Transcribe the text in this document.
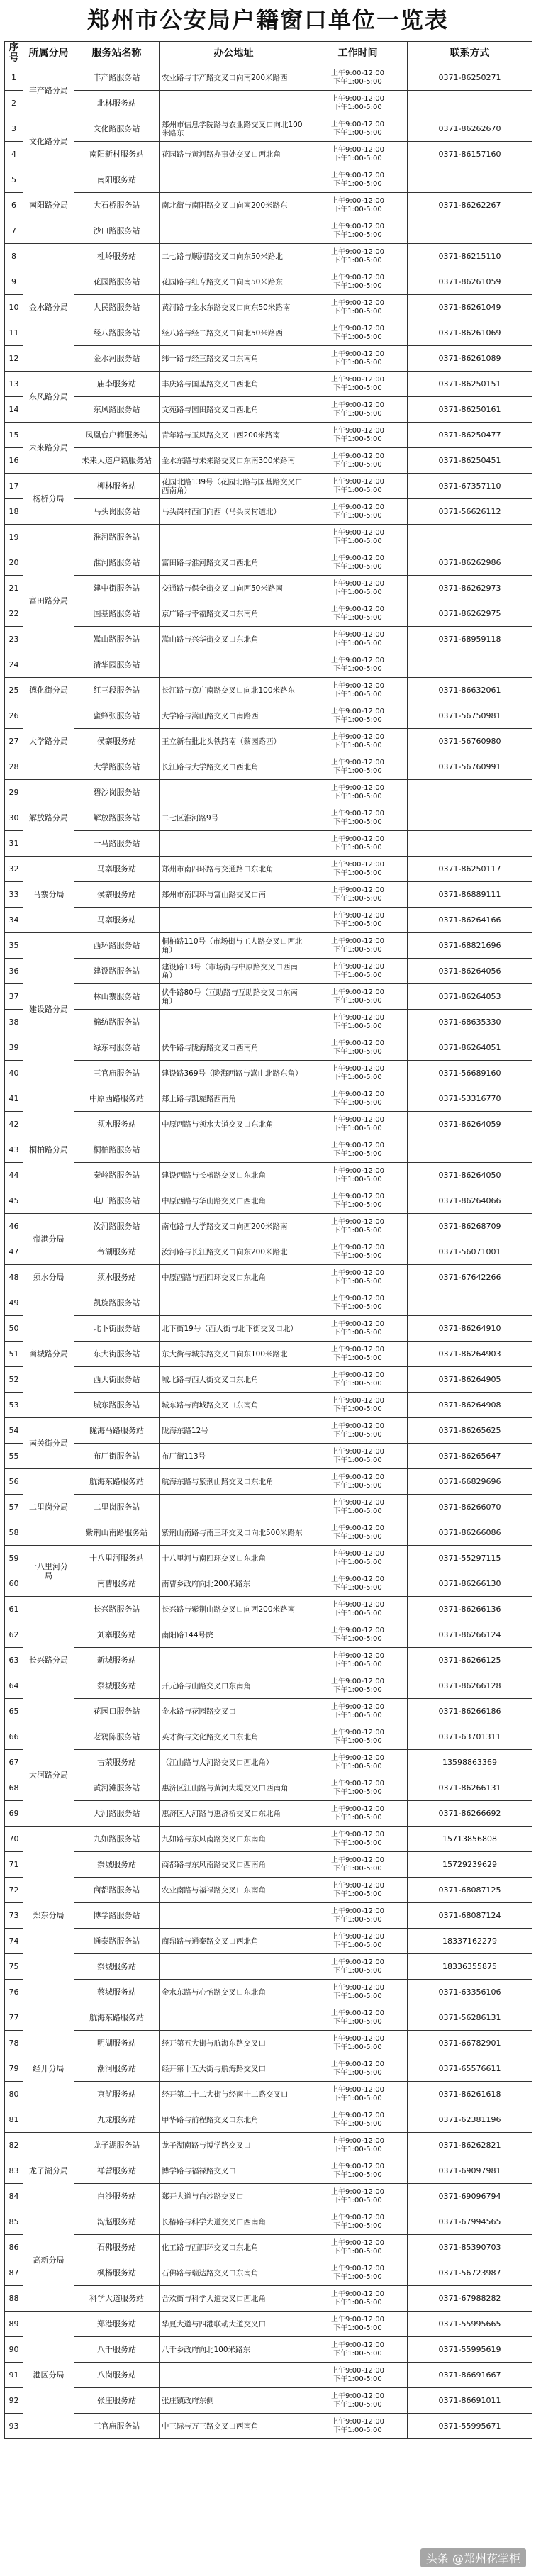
郑州市公安局户籍窗口单位一览表
序号	所属分局	服务站名称	办公地址	工作时间	联系方式
1	丰产路分局	丰产路服务站	农业路与丰产路交叉口向南200米路西	上午9:00-12:00
下午1:00-5:00	0371-86250271
2		北林服务站		上午9:00-12:00
下午1:00-5:00	
3	文化路分局	文化路服务站	郑州市信息学院路与农业路交叉口向北100米路东	上午9:00-12:00
下午1:00-5:00	0371-86262670
4		南阳新村服务站	花园路与黄河路办事处交叉口西北角	上午9:00-12:00
下午1:00-5:00	0371-86157160
5	南阳路分局	南阳服务站		上午9:00-12:00
下午1:00-5:00	
6		大石桥服务站	南北街与南阳路交叉口向南200米路东	上午9:00-12:00
下午1:00-5:00	0371-86262267
7		沙口路服务站		上午9:00-12:00
下午1:00-5:00	
8	金水路分局	杜岭服务站	二七路与顺河路交叉口向东50米路北	上午9:00-12:00
下午1:00-5:00	0371-86215110
9		花园路服务站	花园路与红专路交叉口向南50米路东	上午9:00-12:00
下午1:00-5:00	0371-86261059
10		人民路服务站	黄河路与金水东路交叉口向东50米路南	上午9:00-12:00
下午1:00-5:00	0371-86261049
11		经八路服务站	经八路与经二路交叉口向北50米路西	上午9:00-12:00
下午1:00-5:00	0371-86261069
12		金水河服务站	纬一路与经三路交叉口东南角	上午9:00-12:00
下午1:00-5:00	0371-86261089
13	东风路分局	庙李服务站	丰庆路与国基路交叉口西北角	上午9:00-12:00
下午1:00-5:00	0371-86250151
14		东风路服务站	文苑路与园田路交叉口西北角	上午9:00-12:00
下午1:00-5:00	0371-86250161
15	未来路分局	凤凰台户籍服务站	青年路与玉凤路交叉口西200米路南	上午9:00-12:00
下午1:00-5:00	0371-86250477
16		未来大道户籍服务站	金水东路与未来路交叉口东南300米路南	上午9:00-12:00
下午1:00-5:00	0371-86250451
17	杨桥分局	柳林服务站	花园北路139号（花园北路与国基路交叉口西南角）	上午9:00-12:00
下午1:00-5:00	0371-67357110
18		马头岗服务站	马头岗村西门向西（马头岗村道北）	上午9:00-12:00
下午1:00-5:00	0371-56626112
19	富田路分局	淮河路服务站		上午9:00-12:00
下午1:00-5:00	
20		淮河路服务站	富田路与淮河路交叉口西北角	上午9:00-12:00
下午1:00-5:00	0371-86262986
21		建中街服务站	交通路与保全街交叉口向西50米路南	上午9:00-12:00
下午1:00-5:00	0371-86262973
22		国基路服务站	京广路与幸福路交叉口东南角	上午9:00-12:00
下午1:00-5:00	0371-86262975
23		嵩山路服务站	嵩山路与兴华街交叉口东北角	上午9:00-12:00
下午1:00-5:00	0371-68959118
24		清华园服务站		上午9:00-12:00
下午1:00-5:00	
25	德化街分局	红三段服务站	长江路与京广南路交叉口向北100米路东	上午9:00-12:00
下午1:00-5:00	0371-86632061
26	大学路分局	蜜蜂张服务站	大学路与嵩山路交叉口南路西	上午9:00-12:00
下午1:00-5:00	0371-56750981
27		侯寨服务站	王立新右批北头铁路南（蔡园路西）	上午9:00-12:00
下午1:00-5:00	0371-56760980
28		大学路服务站	长江路与大学路交叉口西北角	上午9:00-12:00
下午1:00-5:00	0371-56760991
29	解放路分局	碧沙岗服务站		上午9:00-12:00
下午1:00-5:00	
30		解放路服务站	二七区淮河路9号	上午9:00-12:00
下午1:00-5:00	
31		一马路服务站		上午9:00-12:00
下午1:00-5:00	
32	马寨分局	马寨服务站	郑州市南四环路与交通路口东北角	上午9:00-12:00
下午1:00-5:00	0371-86250117
33		侯寨服务站	郑州市南四环与富山路交叉口南	上午9:00-12:00
下午1:00-5:00	0371-86889111
34		马寨服务站		上午9:00-12:00
下午1:00-5:00	0371-86264166
35	建设路分局	西环路服务站	桐柏路110号（市场街与工人路交叉口西北角）	上午9:00-12:00
下午1:00-5:00	0371-68821696
36		建设路服务站	建设路13号（市场街与中原路交叉口西南角）	上午9:00-12:00
下午1:00-5:00	0371-86264056
37		林山寨服务站	伏牛路80号（互助路与互助路交叉口东南角）	上午9:00-12:00
下午1:00-5:00	0371-86264053
38		棉纺路服务站		上午9:00-12:00
下午1:00-5:00	0371-68635330
39		绿东村服务站	伏牛路与陇海路交叉口西南角	上午9:00-12:00
下午1:00-5:00	0371-86264051
40		三官庙服务站	建设路369号（陇海西路与嵩山北路东角）	上午9:00-12:00
下午1:00-5:00	0371-56689160
41	桐柏路分局	中原西路服务站	郑上路与凯旋路西南角	上午9:00-12:00
下午1:00-5:00	0371-53316770
42		须水服务站	中原西路与须水大道交叉口东北角	上午9:00-12:00
下午1:00-5:00	0371-86264059
43		桐柏路服务站		上午9:00-12:00
下午1:00-5:00	
44		秦岭路服务站	建设西路与长椿路交叉口东北角	上午9:00-12:00
下午1:00-5:00	0371-86264050
45		电厂路服务站	中原西路与华山路交叉口西北角	上午9:00-12:00
下午1:00-5:00	0371-86264066
46	帝港分局	汝河路服务站	南屯路与大学路交叉口向西200米路南	上午9:00-12:00
下午1:00-5:00	0371-86268709
47		帝湖服务站	汝河路与长江路交叉口向东200米路北	上午9:00-12:00
下午1:00-5:00	0371-56071001
48	须水分局	须水服务站	中原西路与西四环交叉口东北角	上午9:00-12:00
下午1:00-5:00	0371-67642266
49	商城路分局	凯旋路服务站		上午9:00-12:00
下午1:00-5:00	
50		北下街服务站	北下街19号（西大街与北下街交叉口北）	上午9:00-12:00
下午1:00-5:00	0371-86264910
51		东大街服务站	东大街与城东路交叉口向东100米路北	上午9:00-12:00
下午1:00-5:00	0371-86264903
52		西大街服务站	城北路与西大街交叉口东北角	上午9:00-12:00
下午1:00-5:00	0371-86264905
53		城东路服务站	城东路与商城路交叉口东南角	上午9:00-12:00
下午1:00-5:00	0371-86264908
54	南关街分局	陇海马路服务站	陇海东路12号	上午9:00-12:00
下午1:00-5:00	0371-86265625
55		布厂街服务站	布厂街113号	上午9:00-12:00
下午1:00-5:00	0371-86265647
56	二里岗分局	航海东路服务站	航海东路与紫荆山路交叉口东北角	上午9:00-12:00
下午1:00-5:00	0371-66829696
57		二里岗服务站		上午9:00-12:00
下午1:00-5:00	0371-86266070
58		紫荆山南路服务站	紫荆山南路与南三环交叉口向北500米路东	上午9:00-12:00
下午1:00-5:00	0371-86266086
59	十八里河分局	十八里河服务站	十八里河与南四环交叉口东北角	上午9:00-12:00
下午1:00-5:00	0371-55297115
60		南曹服务站	南曹乡政府向北200米路东	上午9:00-12:00
下午1:00-5:00	0371-86266130
61	长兴路分局	长兴路服务站	长兴路与紫荆山路交叉口向西200米路南	上午9:00-12:00
下午1:00-5:00	0371-86266136
62		刘寨服务站	南阳路144号院	上午9:00-12:00
下午1:00-5:00	0371-86266124
63		新城服务站		上午9:00-12:00
下午1:00-5:00	0371-86266125
64		祭城服务站	开元路与山路交叉口东南角	上午9:00-12:00
下午1:00-5:00	0371-86266128
65		花园口服务站	金水路与花园路交叉口	上午9:00-12:00
下午1:00-5:00	0371-86266186
66	大河路分局	老鸦陈服务站	英才街与文化路交叉口东北角	上午9:00-12:00
下午1:00-5:00	0371-63701311
67		古荥服务站	（江山路与大河路交叉口西北角）	上午9:00-12:00
下午1:00-5:00	13598863369
68		黄河滩服务站	惠济区江山路与黄河大堤交叉口西南角	上午9:00-12:00
下午1:00-5:00	0371-86266131
69		大河路服务站	惠济区大河路与惠济桥交叉口东北角	上午9:00-12:00
下午1:00-5:00	0371-86266692
70	郑东分局	九如路服务站	九如路与东风南路交叉口东南角	上午9:00-12:00
下午1:00-5:00	15713856808
71		祭城服务站	商都路与东风南路交叉口西南角	上午9:00-12:00
下午1:00-5:00	15729239629
72		商都路服务站	农业南路与福禄路交叉口东南角	上午9:00-12:00
下午1:00-5:00	0371-68087125
73		博学路服务站		上午9:00-12:00
下午1:00-5:00	0371-68087124
74		通泰路服务站	商鼎路与通泰路交叉口西北角	上午9:00-12:00
下午1:00-5:00	18337162279
75		祭城服务站		上午9:00-12:00
下午1:00-5:00	18336355875
76		蔡城服务站	金水东路与心怡路交叉口东北角	上午9:00-12:00
下午1:00-5:00	0371-63356106
77	经开分局	航海东路服务站		上午9:00-12:00
下午1:00-5:00	0371-56286131
78		明湖服务站	经开第五大街与航海东路交叉口	上午9:00-12:00
下午1:00-5:00	0371-66782901
79		潮河服务站	经开第十五大街与航海路交叉口	上午9:00-12:00
下午1:00-5:00	0371-65576611
80		京航服务站	经开第二十二大街与经南十二路交叉口	上午9:00-12:00
下午1:00-5:00	0371-86261618
81		九龙服务站	甲华路与前程路交叉口东北角	上午9:00-12:00
下午1:00-5:00	0371-62381196
82	龙子湖分局	龙子湖服务站	龙子湖南路与博学路交叉口	上午9:00-12:00
下午1:00-5:00	0371-86262821
83		祥营服务站	博学路与福禄路交叉口	上午9:00-12:00
下午1:00-5:00	0371-69097981
84		白沙服务站	郑开大道与白沙路交叉口	上午9:00-12:00
下午1:00-5:00	0371-69096794
85	高新分局	沟赵服务站	长椿路与科学大道交叉口西南角	上午9:00-12:00
下午1:00-5:00	0371-67994565
86		石佛服务站	化工路与西四环交叉口东北角	上午9:00-12:00
下午1:00-5:00	0371-85390703
87		枫杨服务站	石佛路与瑞达路交叉口东南角	上午9:00-12:00
下午1:00-5:00	0371-56723987
88		科学大道服务站	合欢街与科学大道交叉口西北角	上午9:00-12:00
下午1:00-5:00	0371-67988282
89	港区分局	郑港服务站	华夏大道与四港联动大道交叉口	上午9:00-12:00
下午1:00-5:00	0371-55995665
90		八千服务站	八千乡政府向北100米路东	上午9:00-12:00
下午1:00-5:00	0371-55995619
91		八岗服务站		上午9:00-12:00
下午1:00-5:00	0371-86691667
92		张庄服务站	张庄镇政府东侧	上午9:00-12:00
下午1:00-5:00	0371-86691011
93		三官庙服务站	中三际与万三路交叉口西南角	上午9:00-12:00
下午1:00-5:00	0371-55995671
头条 @郑州花掌柜
